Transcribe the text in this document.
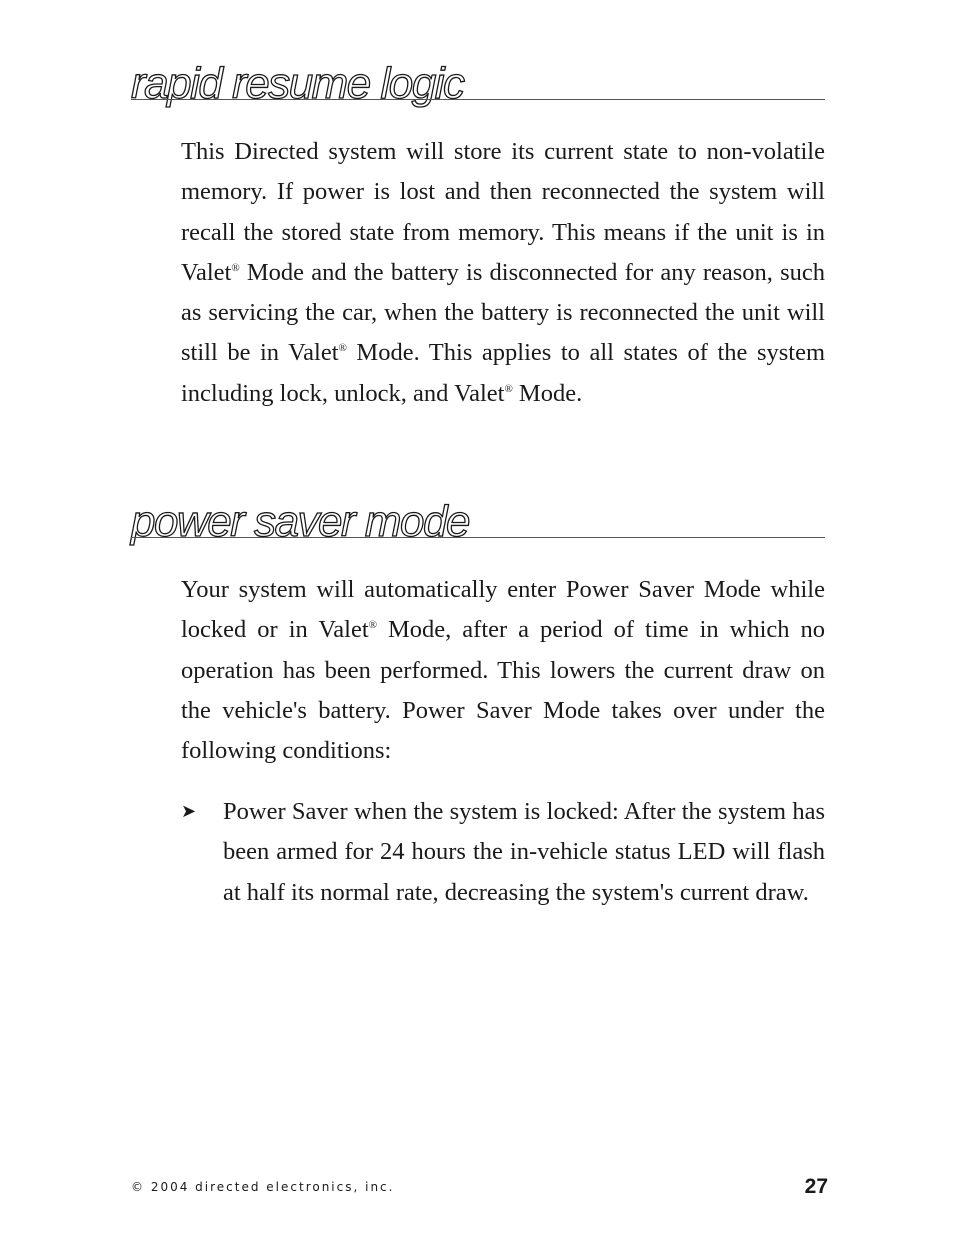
rapid resume logic

This Directed system will store its current state to non-volatile memory. If power is lost and then reconnected the system will recall the stored state from memory. This means if the unit is in Valet® Mode and the battery is disconnected for any reason, such as servicing the car, when the battery is reconnected the unit will still be in Valet® Mode. This applies to all states of the system including lock, unlock, and Valet® Mode.

power saver mode

Your system will automatically enter Power Saver Mode while locked or in Valet® Mode, after a period of time in which no operation has been performed. This lowers the current draw on the vehicle's battery. Power Saver Mode takes over under the following conditions:

➤ Power Saver when the system is locked: After the system has been armed for 24 hours the in-vehicle status LED will flash at half its normal rate, decreasing the system's current draw.

© 2004 directed electronics, inc.	27
